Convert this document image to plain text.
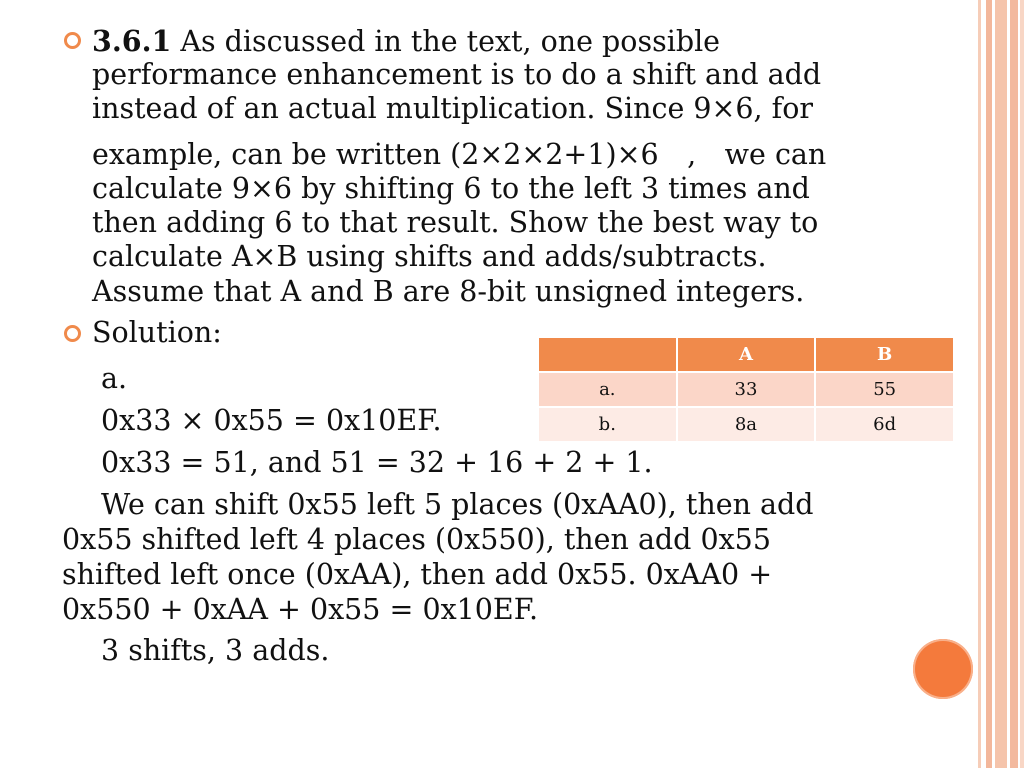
3.6.1 As discussed in the text, one possible
performance enhancement is to do a shift and add
instead of an actual multiplication. Since 9×6, for
example, can be written (2×2×2+1)×6　,　we can
calculate 9×6 by shifting 6 to the left 3 times and
then adding 6 to that result. Show the best way to
calculate A×B using shifts and adds/subtracts.
Assume that A and B are 8-bit unsigned integers.
Solution:
a.
0x33 × 0x55 = 0x10EF.
0x33 = 51, and 51 = 32 + 16 + 2 + 1.
We can shift 0x55 left 5 places (0xAA0), then add
0x55 shifted left 4 places (0x550), then add 0x55
shifted left once (0xAA), then add 0x55. 0xAA0 +
0x550 + 0xAA + 0x55 = 0x10EF.
3 shifts, 3 adds.
	A	B
a.	33	55
b.	8a	6d
